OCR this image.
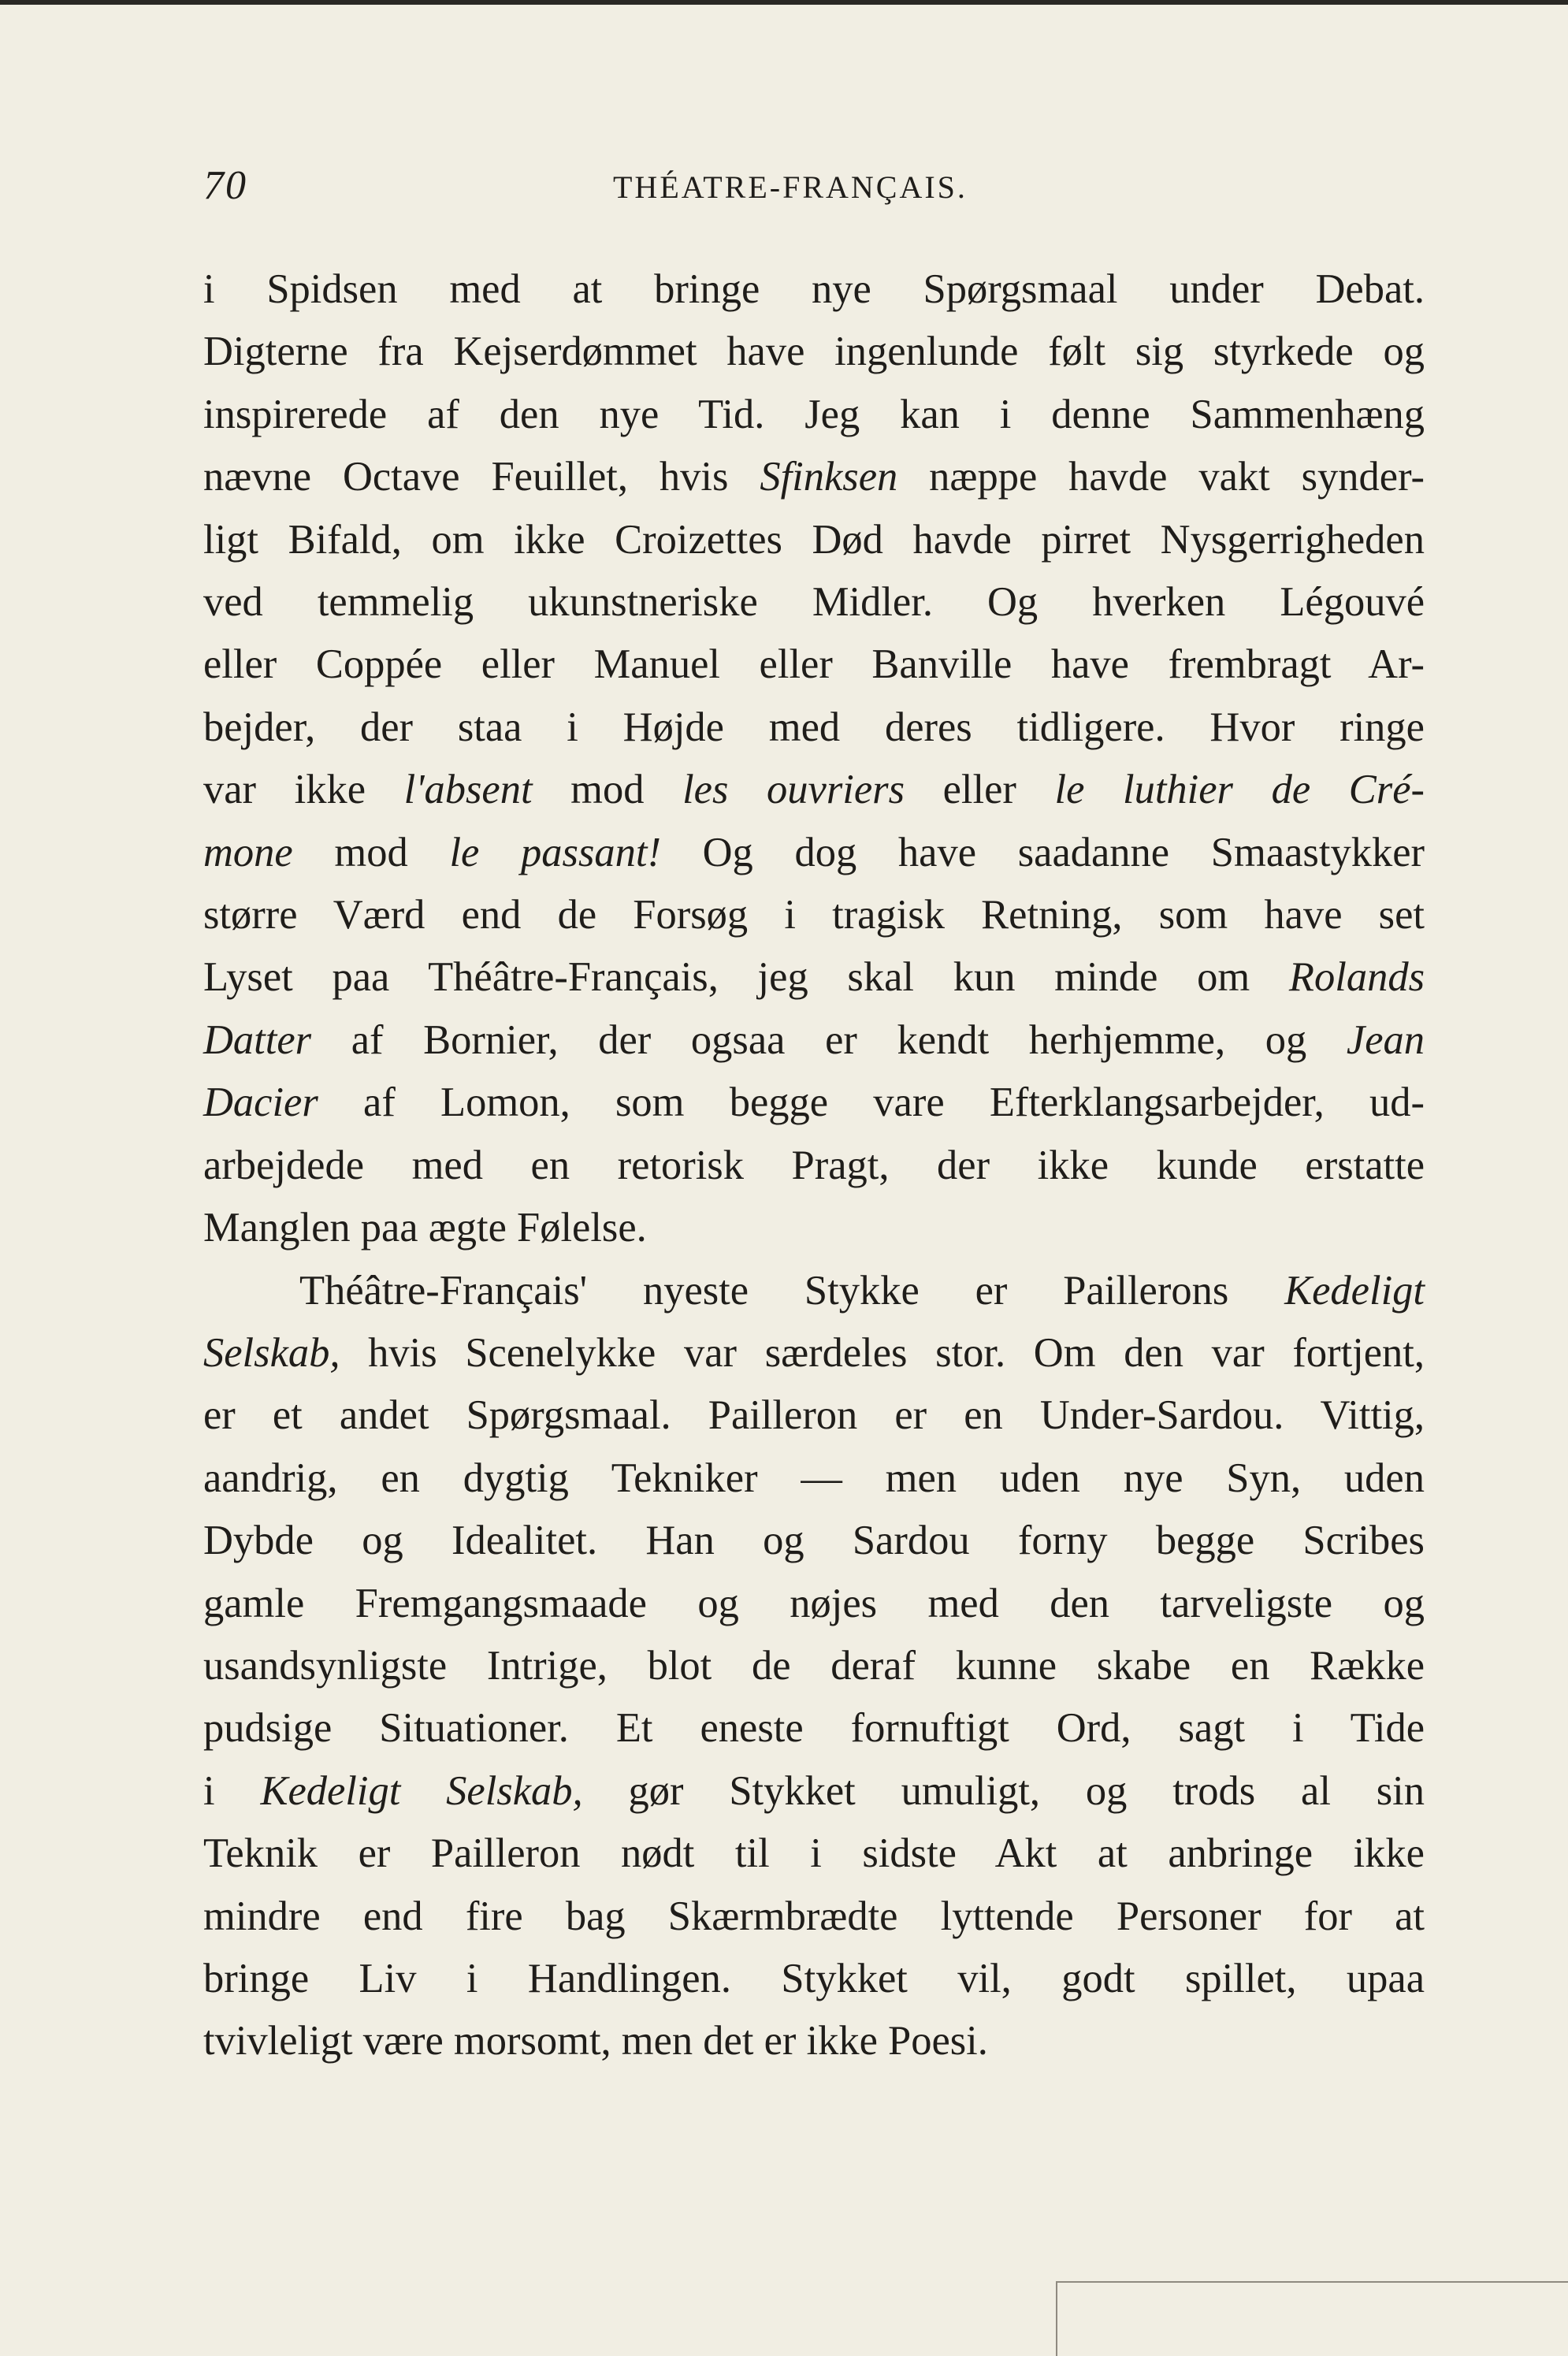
70	THÉATRE-FRANÇAIS.
i Spidsen med at bringe nye Spørgsmaal under Debat.
Digterne fra Kejserdømmet have ingenlunde følt sig styrkede og
inspirerede af den nye Tid. Jeg kan i denne Sammenhæng
nævne Octave Feuillet, hvis Sfinksen næppe havde vakt synder-
ligt Bifald, om ikke Croizettes Død havde pirret Nysgerrigheden
ved temmelig ukunstneriske Midler. Og hverken Légouvé
eller Coppée eller Manuel eller Banville have frembragt Ar-
bejder, der staa i Højde med deres tidligere. Hvor ringe
var ikke l'absent mod les ouvriers eller le luthier de Cré-
mone mod le passant! Og dog have saadanne Smaastykker
større Værd end de Forsøg i tragisk Retning, som have set
Lyset paa Théâtre-Français, jeg skal kun minde om Rolands
Datter af Bornier, der ogsaa er kendt herhjemme, og Jean
Dacier af Lomon, som begge vare Efterklangsarbejder, ud-
arbejdede med en retorisk Pragt, der ikke kunde erstatte
Manglen paa ægte Følelse.
Théâtre-Français' nyeste Stykke er Paillerons Kedeligt
Selskab, hvis Scenelykke var særdeles stor. Om den var fortjent,
er et andet Spørgsmaal. Pailleron er en Under-Sardou. Vittig,
aandrig, en dygtig Tekniker — men uden nye Syn, uden
Dybde og Idealitet. Han og Sardou forny begge Scribes
gamle Fremgangsmaade og nøjes med den tarveligste og
usandsynligste Intrige, blot de deraf kunne skabe en Række
pudsige Situationer. Et eneste fornuftigt Ord, sagt i Tide
i Kedeligt Selskab, gør Stykket umuligt, og trods al sin
Teknik er Pailleron nødt til i sidste Akt at anbringe ikke
mindre end fire bag Skærmbrædte lyttende Personer for at
bringe Liv i Handlingen. Stykket vil, godt spillet, upaa
tvivleligt være morsomt, men det er ikke Poesi.
